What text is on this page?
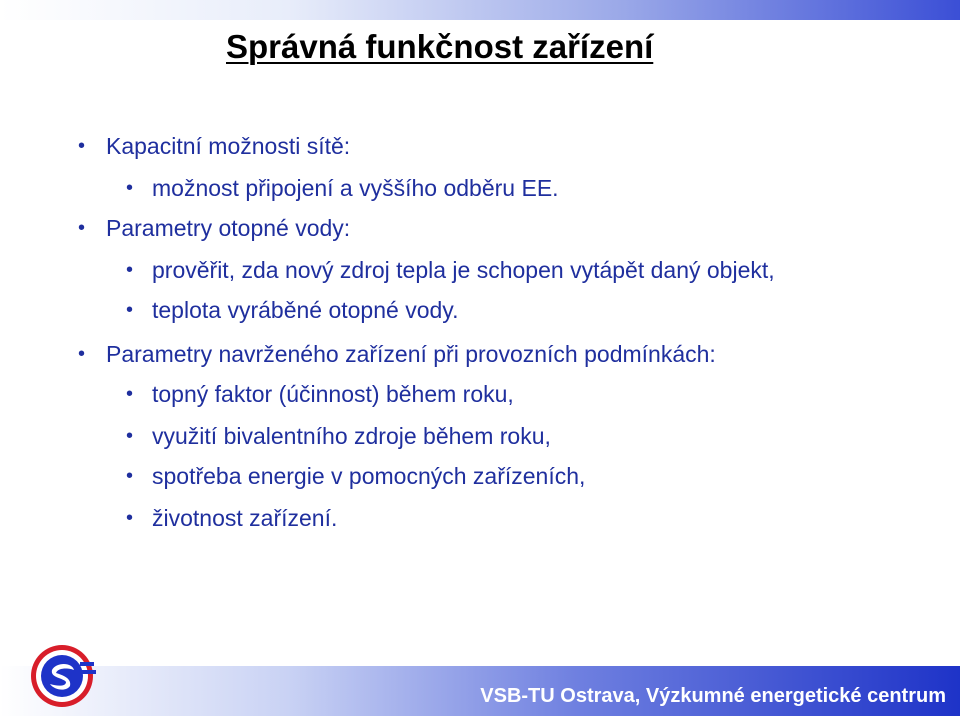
Správná funkčnost zařízení
• Kapacitní možnosti sítě:
• možnost připojení a vyššího odběru EE.
• Parametry otopné vody:
• prověřit, zda nový zdroj tepla je schopen vytápět daný objekt,
• teplota vyráběné otopné vody.
• Parametry navrženého zařízení při provozních podmínkách:
• topný faktor (účinnost) během roku,
• využití bivalentního zdroje během roku,
• spotřeba energie v pomocných zařízeních,
• životnost zařízení.
VSB-TU Ostrava, Výzkumné energetické centrum
